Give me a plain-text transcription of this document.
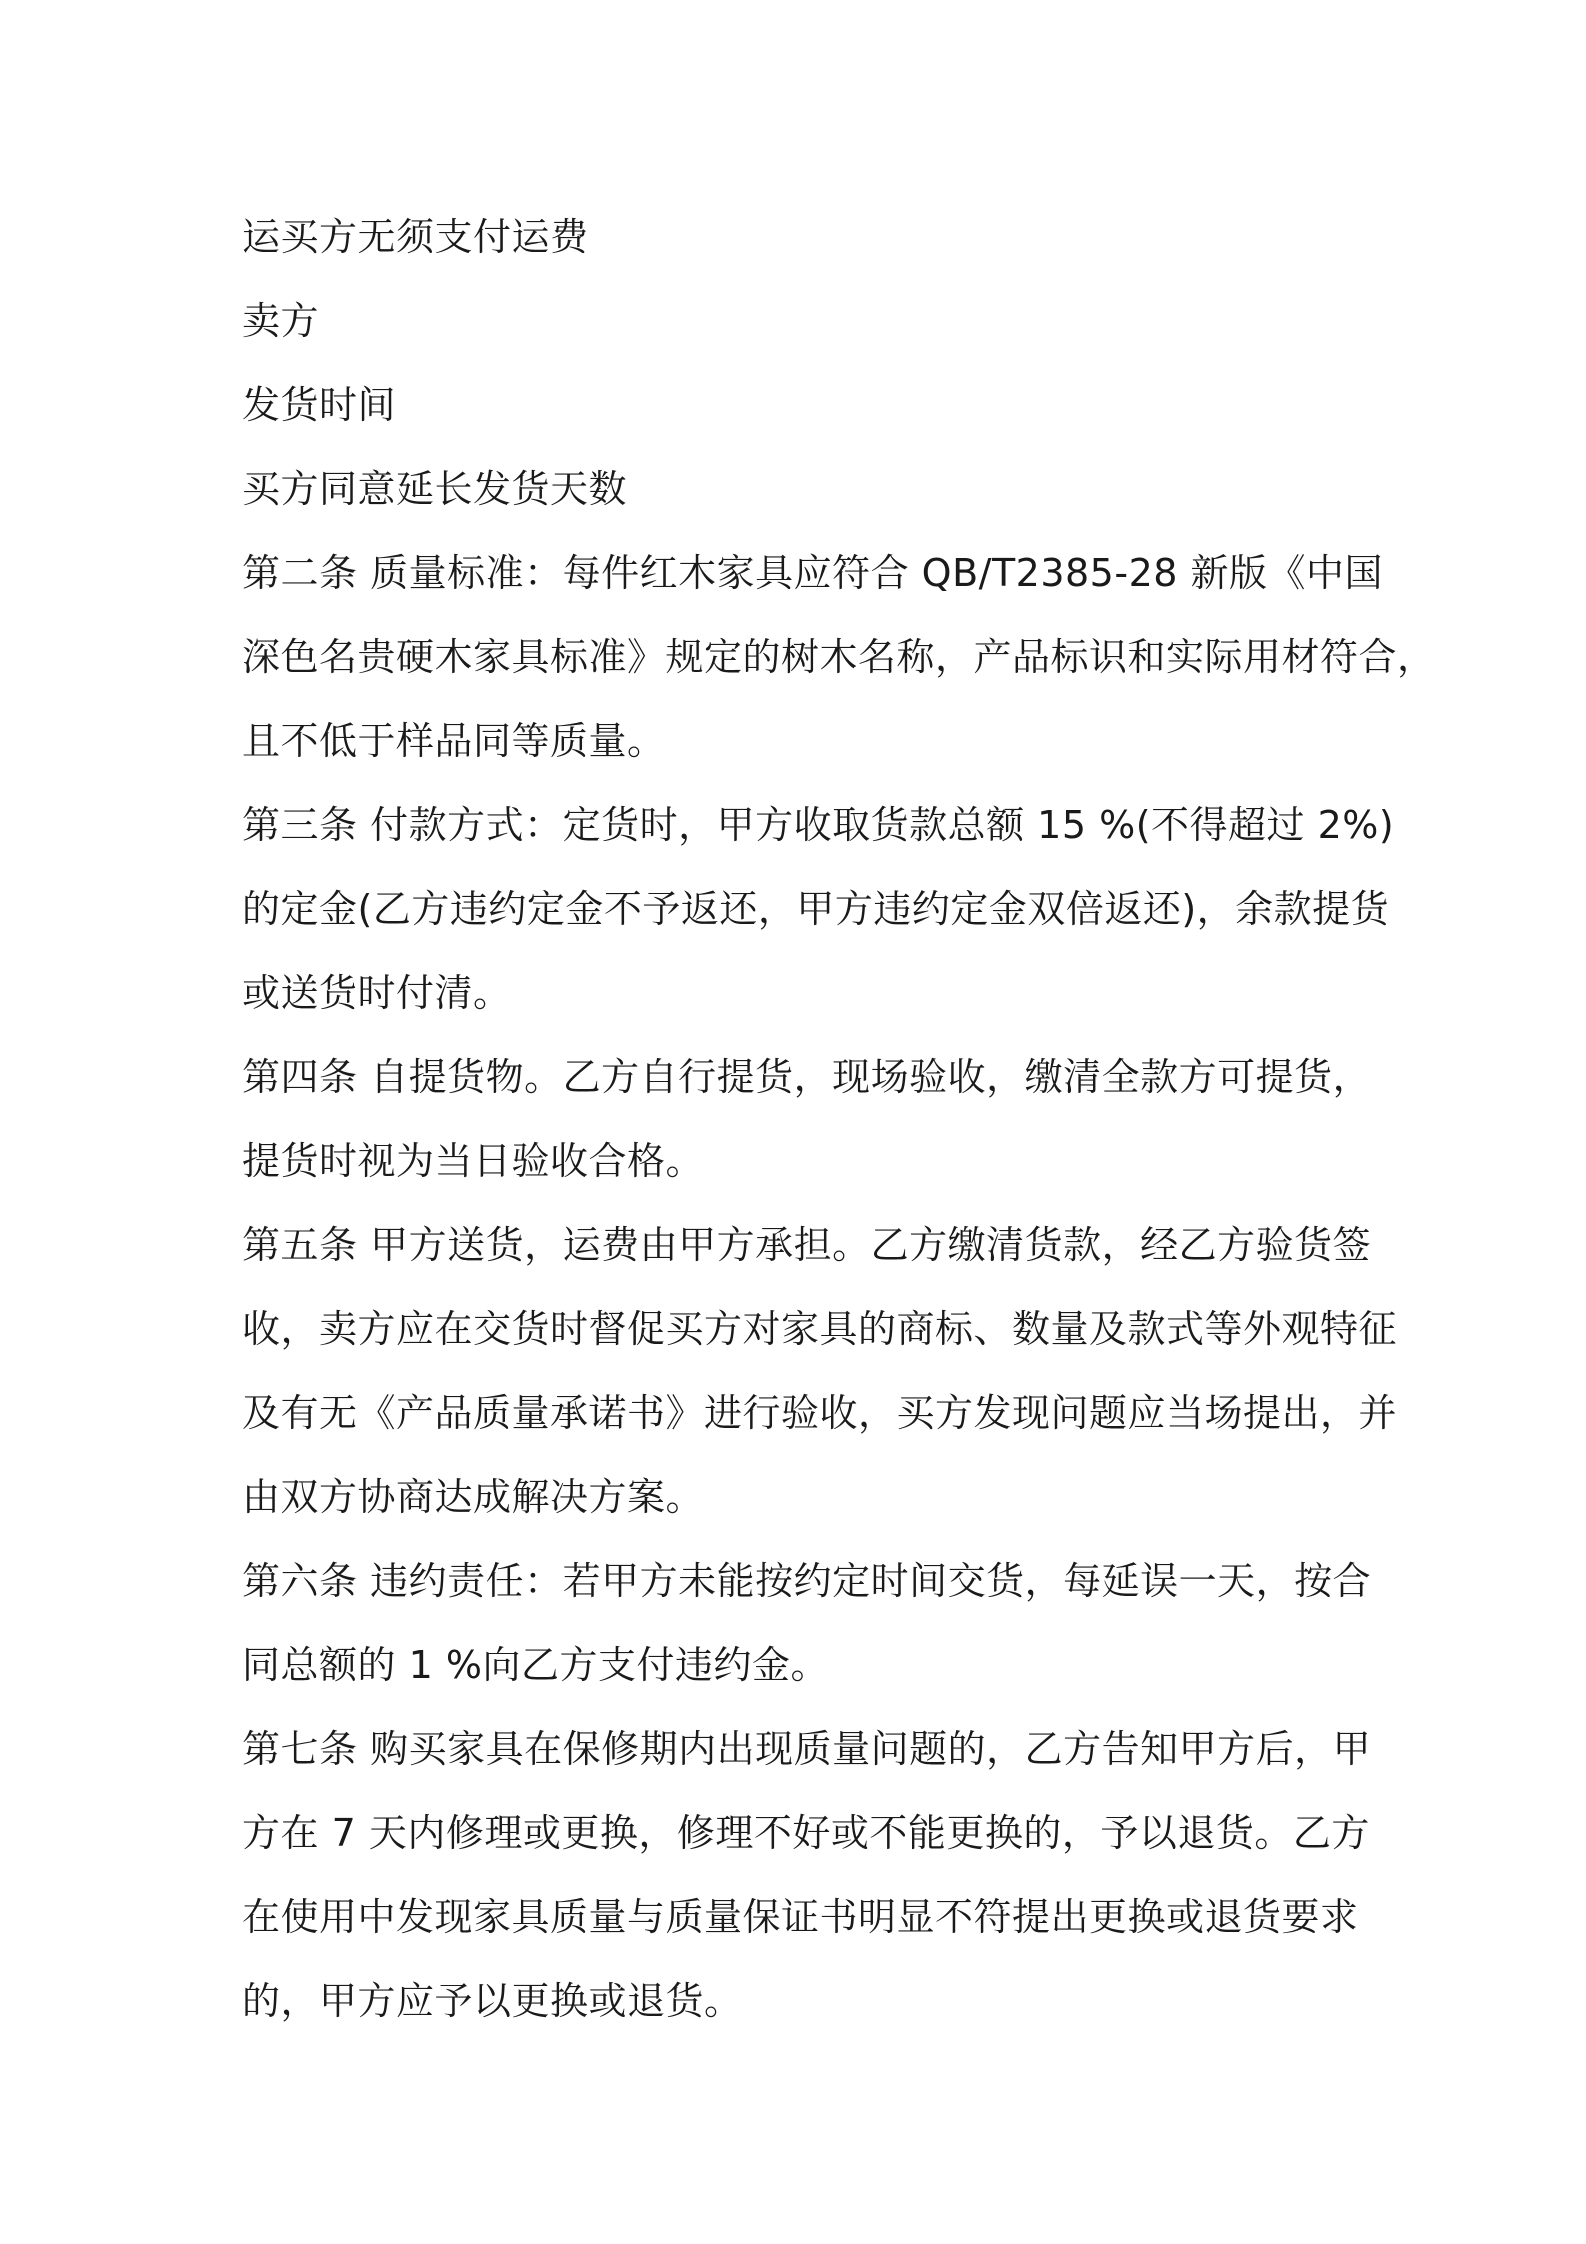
运买方无须支付运费
卖方
发货时间
买方同意延长发货天数
第二条 质量标准：每件红木家具应符合 QB/T2385-28 新版《中国
深色名贵硬木家具标准》规定的树木名称，产品标识和实际用材符合，
且不低于样品同等质量。
第三条 付款方式：定货时，甲方收取货款总额 15 %(不得超过 2%)
的定金(乙方违约定金不予返还，甲方违约定金双倍返还)，余款提货
或送货时付清。
第四条 自提货物。乙方自行提货，现场验收，缴清全款方可提货，
提货时视为当日验收合格。
第五条 甲方送货，运费由甲方承担。乙方缴清货款，经乙方验货签
收，卖方应在交货时督促买方对家具的商标、数量及款式等外观特征
及有无《产品质量承诺书》进行验收，买方发现问题应当场提出，并
由双方协商达成解决方案。
第六条 违约责任：若甲方未能按约定时间交货，每延误一天，按合
同总额的 1 %向乙方支付违约金。
第七条 购买家具在保修期内出现质量问题的，乙方告知甲方后，甲
方在 7 天内修理或更换，修理不好或不能更换的，予以退货。乙方
在使用中发现家具质量与质量保证书明显不符提出更换或退货要求
的，甲方应予以更换或退货。
